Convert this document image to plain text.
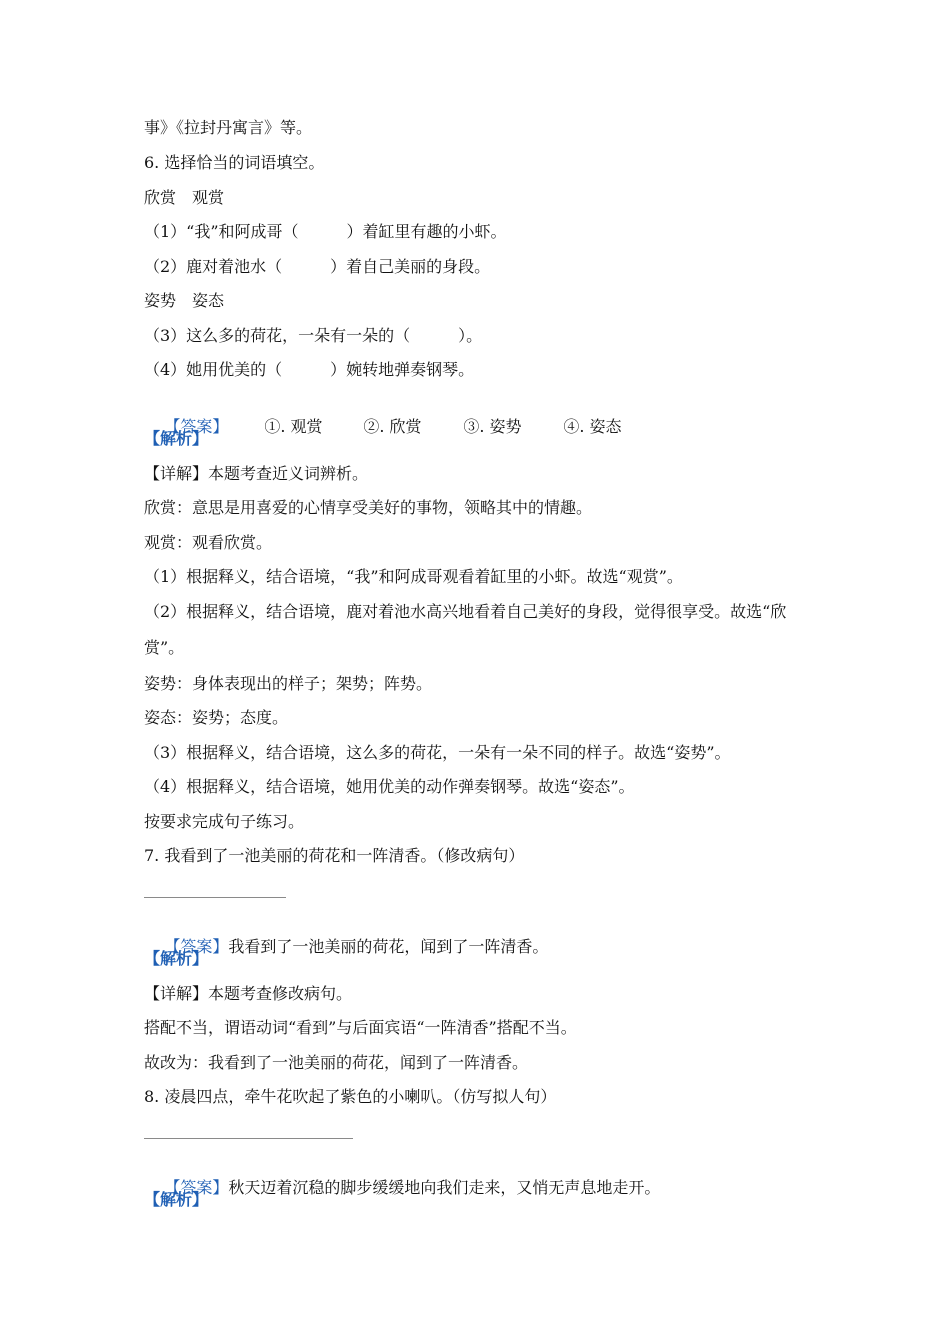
事》《拉封丹寓言》等。
6. 选择恰当的词语填空。
欣赏　观赏
（1）“我”和阿成哥（　　　）着缸里有趣的小虾。
（2）鹿对着池水（　　　）着自己美丽的身段。
姿势　姿态
（3）这么多的荷花，一朵有一朵的（　　　）。
（4）她用优美的（　　　）婉转地弹奏钢琴。

【答案】 ①. 观赏	②. 欣赏	③. 姿势	④. 姿态

【解析】
【详解】本题考查近义词辨析。
欣赏：意思是用喜爱的心情享受美好的事物，领略其中的情趣。
观赏：观看欣赏。
（1）根据释义，结合语境，“我”和阿成哥观看着缸里的小虾。故选“观赏”。
（2）根据释义，结合语境，鹿对着池水高兴地看着自己美好的身段，觉得很享受。故选“欣
赏”。
姿势：身体表现出的样子；架势；阵势。
姿态：姿势；态度。
（3）根据释义，结合语境，这么多的荷花，一朵有一朵不同的样子。故选“姿势”。
（4）根据释义，结合语境，她用优美的动作弹奏钢琴。故选“姿态”。
按要求完成句子练习。
7. 我看到了一池美丽的荷花和一阵清香。（修改病句）

【答案】我看到了一池美丽的荷花，闻到了一阵清香。

【解析】
【详解】本题考查修改病句。
搭配不当，谓语动词“看到”与后面宾语“一阵清香”搭配不当。
故改为：我看到了一池美丽的荷花，闻到了一阵清香。
8. 凌晨四点，牵牛花吹起了紫色的小喇叭。（仿写拟人句）

【答案】秋天迈着沉稳的脚步缓缓地向我们走来，又悄无声息地走开。

【解析】
